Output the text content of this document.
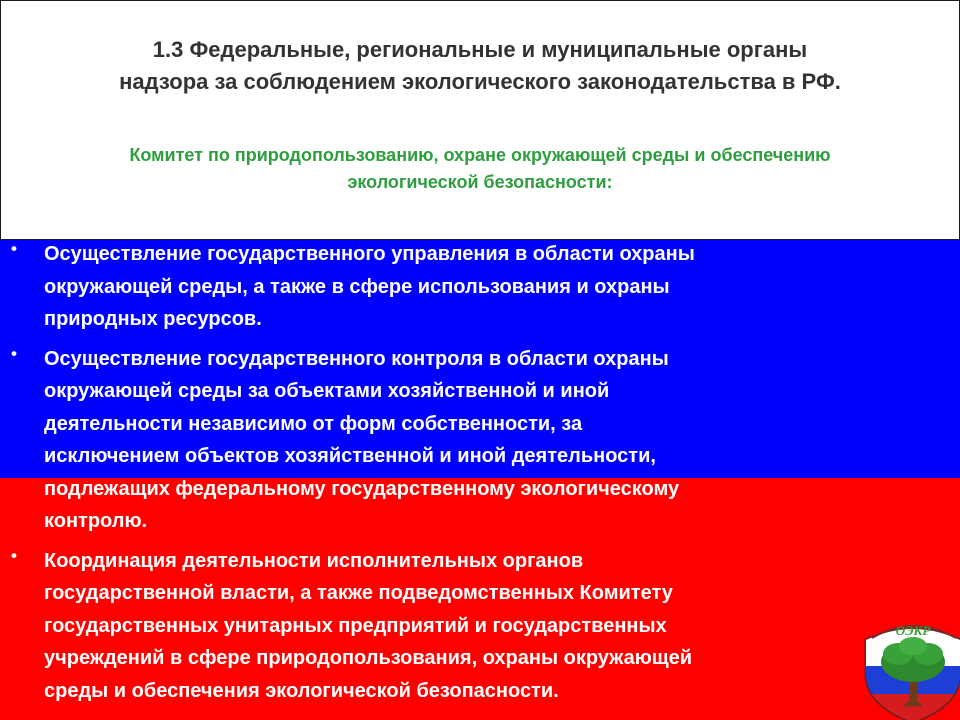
1.3 Федеральные, региональные и муниципальные органы
надзора за соблюдением экологического законодательства в РФ.

Комитет по природопользованию, охране окружающей среды и обеспечению
экологической безопасности:

• Осуществление государственного управления в области охраны
окружающей среды, а также в сфере использования и охраны
природных ресурсов.
• Осуществление государственного контроля в области охраны
окружающей среды за объектами хозяйственной и иной
деятельности независимо от форм собственности, за
исключением объектов хозяйственной и иной деятельности,
подлежащих федеральному государственному экологическому
контролю.
• Координация деятельности исполнительных органов
государственной власти, а также подведомственных Комитету
государственных унитарных предприятий и государственных
учреждений в сфере природопользования, охраны окружающей
среды и обеспечения экологической безопасности.
ОЭКР
